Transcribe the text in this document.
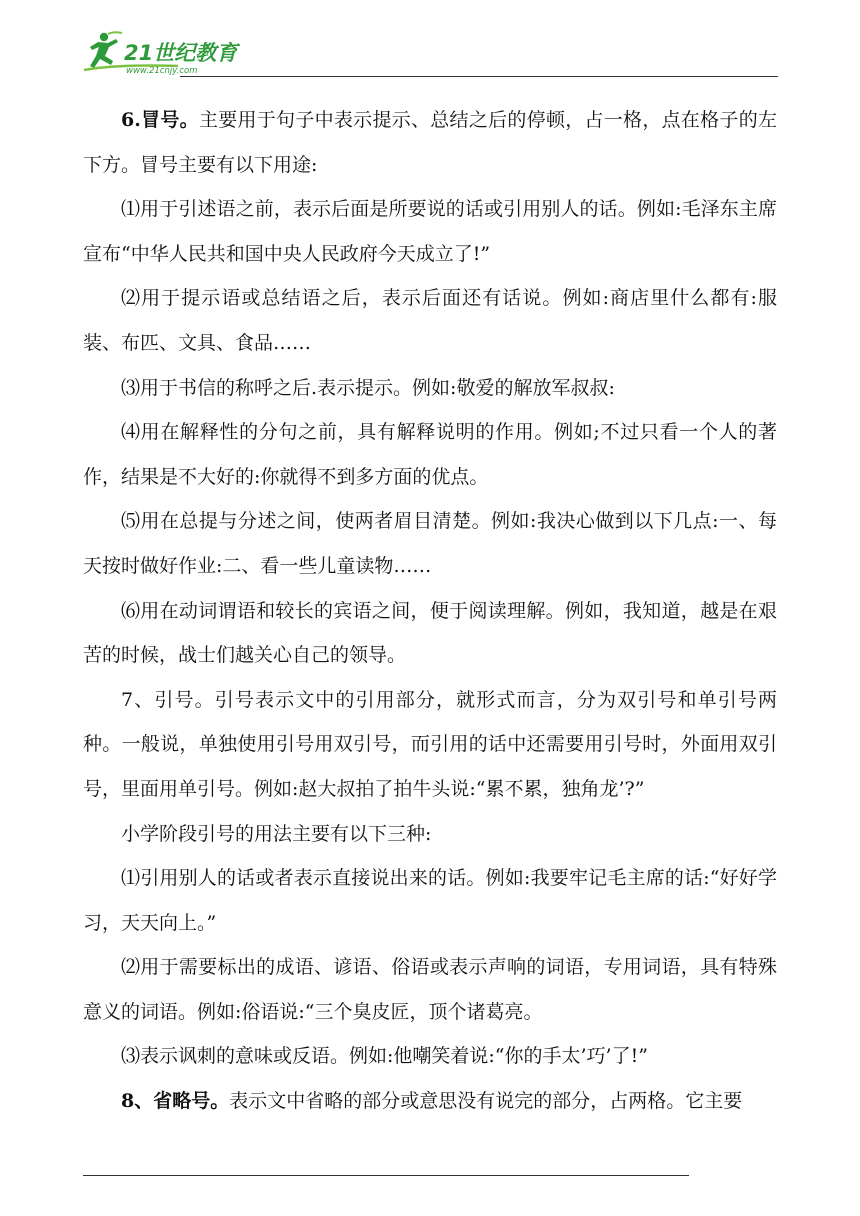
21世纪教育
www.21cnjy.com

6.冒号。主要用于句子中表示提示、总结之后的停顿，占一格，点在格子的左下方。冒号主要有以下用途:

⑴用于引述语之前，表示后面是所要说的话或引用别人的话。例如:毛泽东主席宣布“中华人民共和国中央人民政府今天成立了!”

⑵用于提示语或总结语之后，表示后面还有话说。例如:商店里什么都有:服装、布匹、文具、食品……

⑶用于书信的称呼之后.表示提示。例如:敬爱的解放军叔叔:

⑷用在解释性的分句之前，具有解释说明的作用。例如;不过只看一个人的著作，结果是不大好的:你就得不到多方面的优点。

⑸用在总提与分述之间，使两者眉目清楚。例如:我决心做到以下几点:一、每天按时做好作业:二、看一些儿童读物……

⑹用在动词谓语和较长的宾语之间，便于阅读理解。例如，我知道，越是在艰苦的时候，战士们越关心自己的领导。

7、引号。引号表示文中的引用部分，就形式而言，分为双引号和单引号两种。一般说，单独使用引号用双引号，而引用的话中还需要用引号时，外面用双引号，里面用单引号。例如:赵大叔拍了拍牛头说:“累不累，独角龙’?”

小学阶段引号的用法主要有以下三种:

⑴引用别人的话或者表示直接说出来的话。例如:我要牢记毛主席的话:“好好学习，天天向上。”

⑵用于需要标出的成语、谚语、俗语或表示声响的词语，专用词语，具有特殊意义的词语。例如:俗语说:“三个臭皮匠，顶个诸葛亮。

⑶表示讽刺的意味或反语。例如:他嘲笑着说:“你的手太’巧’了!”

8、省略号。表示文中省略的部分或意思没有说完的部分，占两格。它主要
